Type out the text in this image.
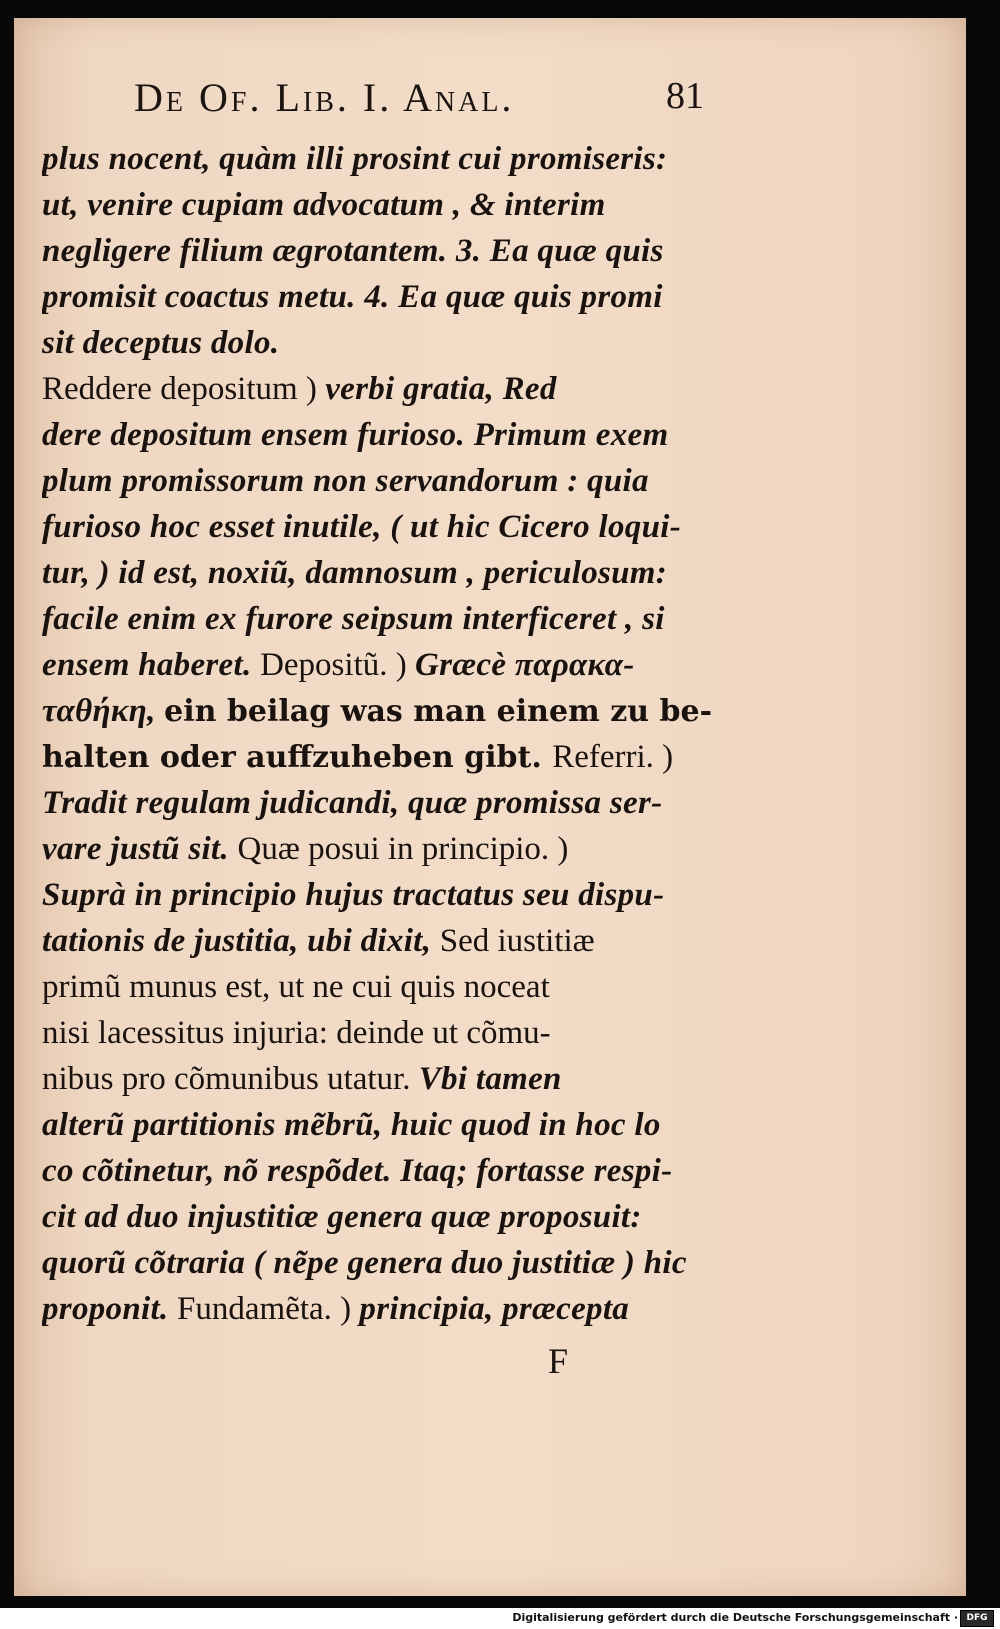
De Of. Lib. I. Anal.	81
plus nocent, quàm illi prosint cui promiseris:
ut, venire cupiam advocatum , & interim
negligere filium ægrotantem. 3. Ea quæ quis
promisit coactus metu. 4. Ea quæ quis promi
sit deceptus dolo.
Reddere depositum ) verbi gratia, Red
dere depositum ensem furioso. Primum exem
plum promissorum non servandorum : quia
furioso hoc esset inutile, ( ut hic Cicero loqui-
tur, ) id est, noxiũ, damnosum , periculosum:
facile enim ex furore seipsum interficeret , si
ensem haberet. Depositũ. ) Græcè παρακα-
ταθήκη, ein beilag was man einem zu be-
halten oder auffzuheben gibt. Referri. )
Tradit regulam judicandi, quæ promissa ser-
vare justũ sit. Quæ posui in principio. )
Suprà in principio hujus tractatus seu dispu-
tationis de justitia, ubi dixit, Sed iustitiæ
primũ munus est, ut ne cui quis noceat
nisi lacessitus injuria: deinde ut cõmu-
nibus pro cõmunibus utatur. Vbi tamen
alterũ partitionis mẽbrũ, huic quod in hoc lo
co cõtinetur, nõ respõdet. Itaq; fortasse respi-
cit ad duo injustitiæ genera quæ proposuit:
quorũ cõtraria ( nẽpe genera duo justitiæ ) hic
proponit. Fundamẽta. ) principia, præcepta
F
Digitalisierung gefördert durch die Deutsche Forschungsgemeinschaft · DFG
